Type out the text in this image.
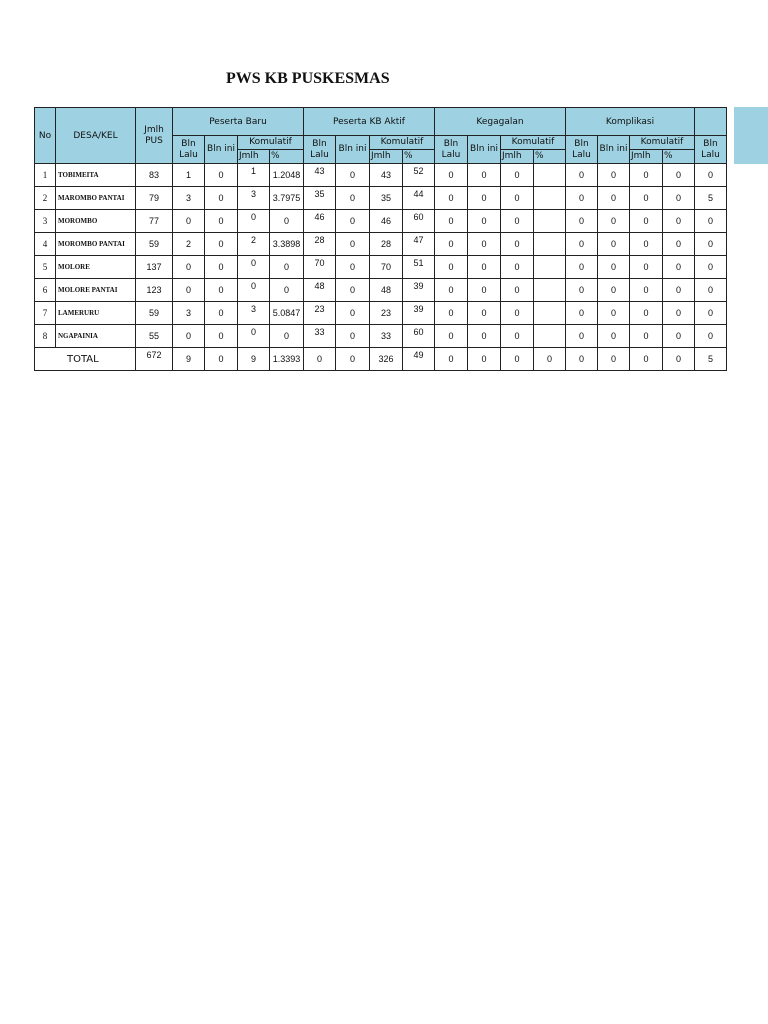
PWS KB PUSKESMAS
No	DESA/KEL	Jmlh PUS	Peserta Baru				Peserta KB Aktif				Kegagalan				Komplikasi				
			Bln Lalu	Bln ini	Komulatif		Bln Lalu	Bln ini	Komulatif		Bln Lalu	Bln ini	Komulatif		Bln Lalu	Bln ini	Komulatif		Bln Lalu
					Jmlh	%			Jmlh	%			Jmlh	%			Jmlh	%	
1	TOBIMEITA	83	1	0	1	1.2048	43	0	43	52	0	0	0		0	0	0	0	0
2	MAROMBO PANTAI	79	3	0	3	3.7975	35	0	35	44	0	0	0		0	0	0	0	5
3	MOROMBO	77	0	0	0	0	46	0	46	60	0	0	0		0	0	0	0	0
4	MOROMBO PANTAI	59	2	0	2	3.3898	28	0	28	47	0	0	0		0	0	0	0	0
5	MOLORE	137	0	0	0	0	70	0	70	51	0	0	0		0	0	0	0	0
6	MOLORE PANTAI	123	0	0	0	0	48	0	48	39	0	0	0		0	0	0	0	0
7	LAMERURU	59	3	0	3	5.0847	23	0	23	39	0	0	0		0	0	0	0	0
8	NGAPAINIA	55	0	0	0	0	33	0	33	60	0	0	0		0	0	0	0	0
TOTAL		672	9	0	9	1.3393	0	0	326	49	0	0	0	0	0	0	0	0	5
